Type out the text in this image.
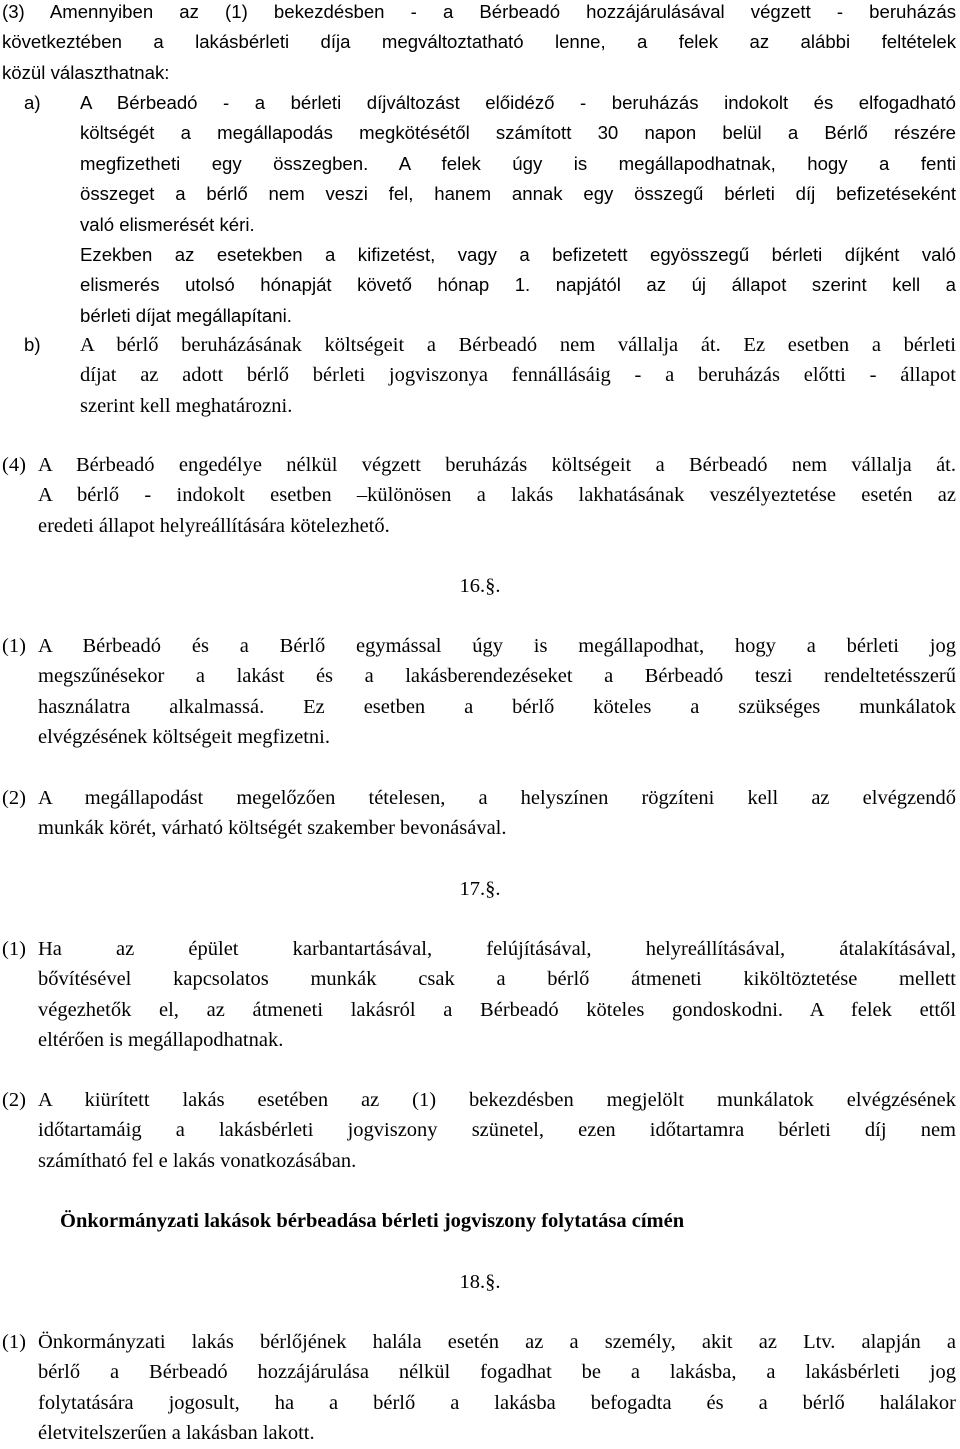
(3) Amennyiben az (1) bekezdésben - a Bérbeadó hozzájárulásával végzett - beruházás
következtében a lakásbérleti díja megváltoztatható lenne, a felek az alábbi feltételek
közül választhatnak:
a) A Bérbeadó - a bérleti díjváltozást előidéző - beruházás indokolt és elfogadható
költségét a megállapodás megkötésétől számított 30 napon belül a Bérlő részére
megfizetheti egy összegben. A felek úgy is megállapodhatnak, hogy a fenti
összeget a bérlő nem veszi fel, hanem annak egy összegű bérleti díj befizetéseként
való elismerését kéri.
Ezekben az esetekben a kifizetést, vagy a befizetett egyösszegű bérleti díjként való
elismerés utolsó hónapját követő hónap 1. napjától az új állapot szerint kell a
bérleti díjat megállapítani.
b) A bérlő beruházásának költségeit a Bérbeadó nem vállalja át. Ez esetben a bérleti
díjat az adott bérlő bérleti jogviszonya fennállásáig - a beruházás előtti - állapot
szerint kell meghatározni.
(4) A Bérbeadó engedélye nélkül végzett beruházás költségeit a Bérbeadó nem vállalja át.
A bérlő - indokolt esetben –különösen a lakás lakhatásának veszélyeztetése esetén az
eredeti állapot helyreállítására kötelezhető.
16.§.
(1) A Bérbeadó és a Bérlő egymással úgy is megállapodhat, hogy a bérleti jog
megszűnésekor a lakást és a lakásberendezéseket a Bérbeadó teszi rendeltetésszerű
használatra alkalmassá. Ez esetben a bérlő köteles a szükséges munkálatok
elvégzésének költségeit megfizetni.
(2) A megállapodást megelőzően tételesen, a helyszínen rögzíteni kell az elvégzendő
munkák körét, várható költségét szakember bevonásával.
17.§.
(1) Ha az épület karbantartásával, felújításával, helyreállításával, átalakításával,
bővítésével kapcsolatos munkák csak a bérlő átmeneti kiköltöztetése mellett
végezhetők el, az átmeneti lakásról a Bérbeadó köteles gondoskodni. A felek ettől
eltérően is megállapodhatnak.
(2) A kiürített lakás esetében az (1) bekezdésben megjelölt munkálatok elvégzésének
időtartamáig a lakásbérleti jogviszony szünetel, ezen időtartamra bérleti díj nem
számítható fel e lakás vonatkozásában.
Önkormányzati lakások bérbeadása bérleti jogviszony folytatása címén
18.§.
(1) Önkormányzati lakás bérlőjének halála esetén az a személy, akit az Ltv. alapján a
bérlő a Bérbeadó hozzájárulása nélkül fogadhat be a lakásba, a lakásbérleti jog
folytatására jogosult, ha a bérlő a lakásba befogadta és a bérlő halálakor
életvitelszerűen a lakásban lakott.
